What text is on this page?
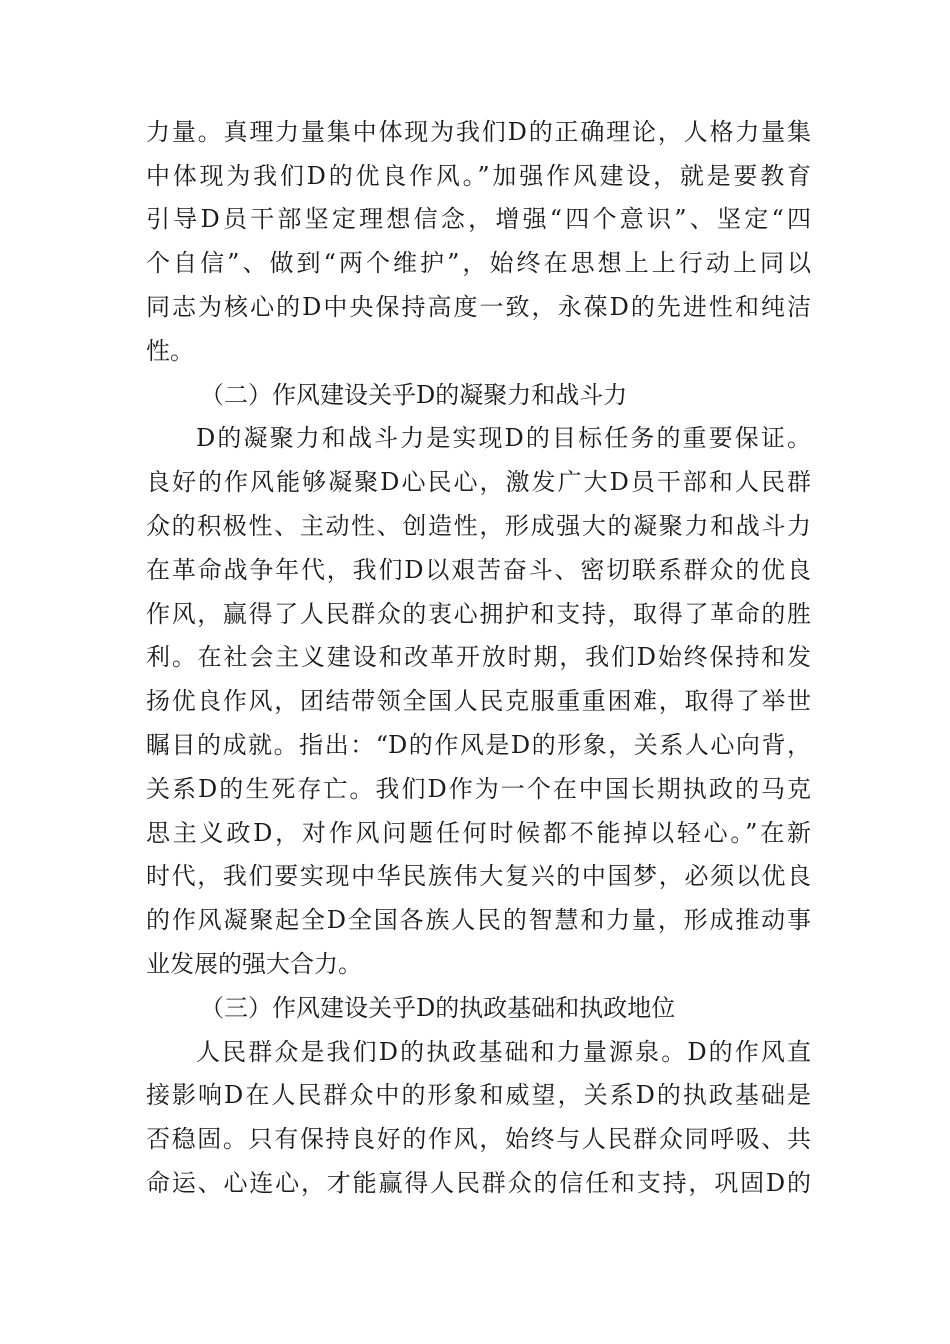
力量。真理力量集中体现为我们D的正确理论，人格力量集
中体现为我们D的优良作风。”加强作风建设，就是要教育
引导D员干部坚定理想信念，增强“四个意识”、坚定“四
个自信”、做到“两个维护”，始终在思想上上行动上同以
同志为核心的D中央保持高度一致，永葆D的先进性和纯洁
性。
（二）作风建设关乎D的凝聚力和战斗力
D的凝聚力和战斗力是实现D的目标任务的重要保证。
良好的作风能够凝聚D心民心，激发广大D员干部和人民群
众的积极性、主动性、创造性，形成强大的凝聚力和战斗力
在革命战争年代，我们D以艰苦奋斗、密切联系群众的优良
作风，赢得了人民群众的衷心拥护和支持，取得了革命的胜
利。在社会主义建设和改革开放时期，我们D始终保持和发
扬优良作风，团结带领全国人民克服重重困难，取得了举世
瞩目的成就。指出：“D的作风是D的形象，关系人心向背，
关系D的生死存亡。我们D作为一个在中国长期执政的马克
思主义政D，对作风问题任何时候都不能掉以轻心。”在新
时代，我们要实现中华民族伟大复兴的中国梦，必须以优良
的作风凝聚起全D全国各族人民的智慧和力量，形成推动事
业发展的强大合力。
（三）作风建设关乎D的执政基础和执政地位
人民群众是我们D的执政基础和力量源泉。D的作风直
接影响D在人民群众中的形象和威望，关系D的执政基础是
否稳固。只有保持良好的作风，始终与人民群众同呼吸、共
命运、心连心，才能赢得人民群众的信任和支持，巩固D的
